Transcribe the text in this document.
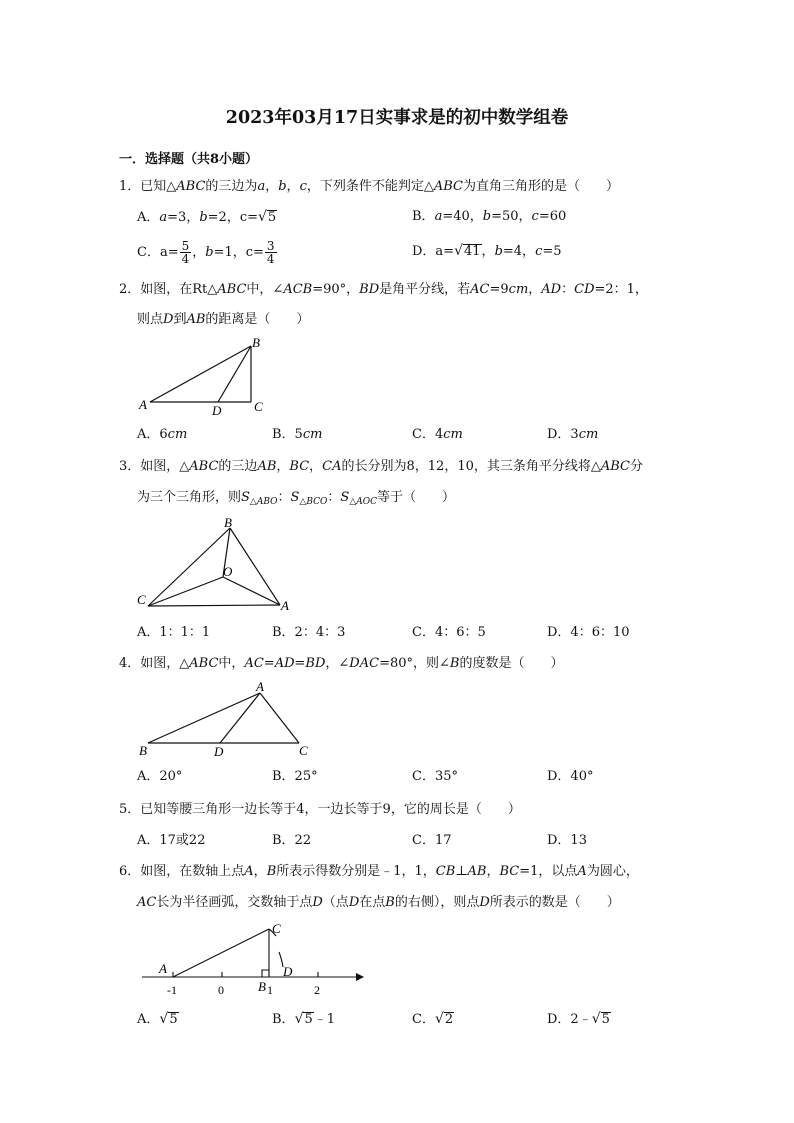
2023年03月17日实事求是的初中数学组卷
一．选择题（共8小题）
1．已知△ABC的三边为a，b，c，下列条件不能判定△ABC为直角三角形的是（　　）
A．a=3，b=2，c=√5	B．a=40，b=50，c=60
C．$a= \frac{5}{4}$ ，b=1，$c= \frac{3}{4}$	D．a=√41，b=4，c=5
2．如图，在Rt△ABC中，∠ACB=90°，BD是角平分线，若AC=9cm，AD：CD=2：1，
则点D到AB的距离是（　　）
A
B
C
D
A．6cm	B．5cm	C．4cm	D．3cm
3．如图，△ABC的三边AB，BC，CA的长分别为8，12，10，其三条角平分线将△ABC分
为三个三角形，则$S_{\triangle ABO}$：$S_{\triangle BCO}$：$S_{\triangle AOC}$等于（　　）
B
O
C	A
A．1：1：1	B．2：4：3	C．4：6：5	D．4：6：10
4．如图，△ABC中，AC=AD=BD，∠DAC=80°，则∠B的度数是（　　）
A
B	D	C
A．20°	B．25°	C．35°	D．40°
5．已知等腰三角形一边长等于4，一边长等于9，它的周长是（　　）
A．17或22	B．22	C．17	D．13
6．如图，在数轴上点A，B所表示得数分别是﹣1，1，CB⊥AB，BC=1，以点A为圆心，
AC长为半径画弧，交数轴于点D（点D在点B的右侧），则点D所表示的数是（　　）
A
C
D
B
-1	0	1	2
A．√5	B．√5﹣1	C．√2	D．2﹣√5
